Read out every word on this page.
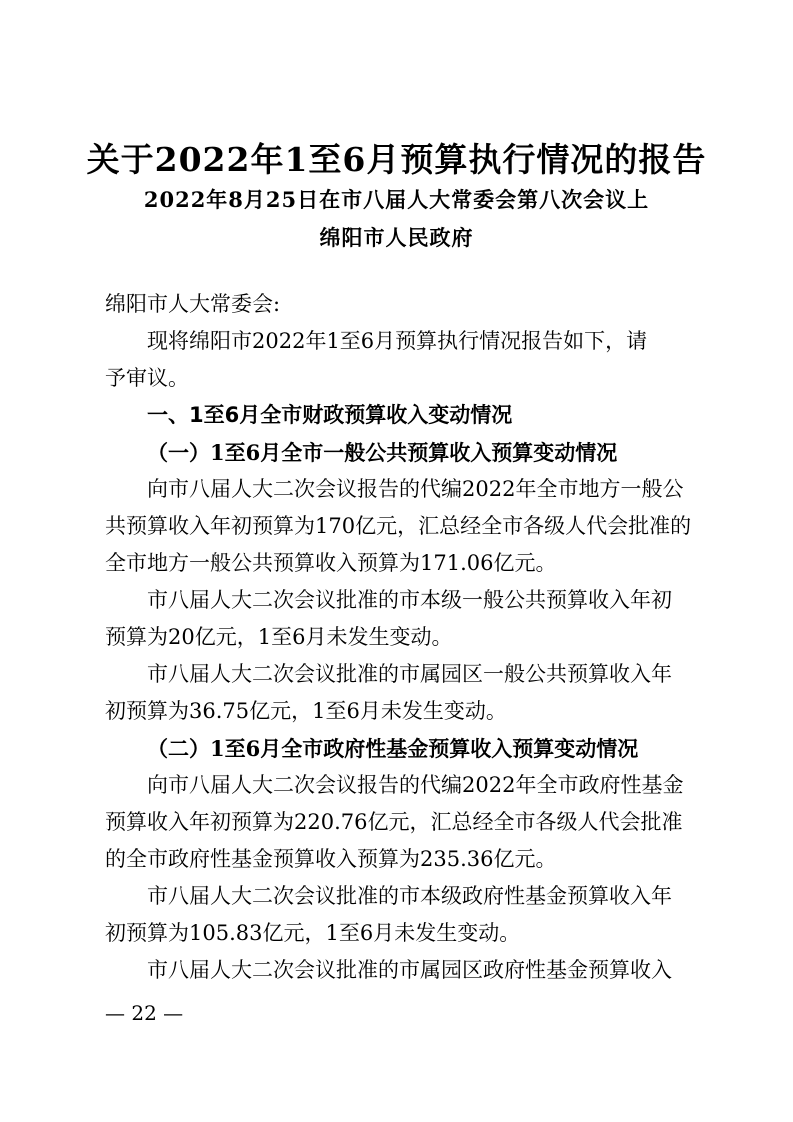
关于2022年1至6月预算执行情况的报告
2022年8月25日在市八届人大常委会第八次会议上
绵阳市人民政府
绵阳市人大常委会:
现将绵阳市2022年1至6月预算执行情况报告如下，请
予审议。
一、1至6月全市财政预算收入变动情况
（一）1至6月全市一般公共预算收入预算变动情况
向市八届人大二次会议报告的代编2022年全市地方一般公
共预算收入年初预算为170亿元，汇总经全市各级人代会批准的
全市地方一般公共预算收入预算为171.06亿元。
市八届人大二次会议批准的市本级一般公共预算收入年初
预算为20亿元，1至6月未发生变动。
市八届人大二次会议批准的市属园区一般公共预算收入年
初预算为36.75亿元，1至6月未发生变动。
（二）1至6月全市政府性基金预算收入预算变动情况
向市八届人大二次会议报告的代编2022年全市政府性基金
预算收入年初预算为220.76亿元，汇总经全市各级人代会批准
的全市政府性基金预算收入预算为235.36亿元。
市八届人大二次会议批准的市本级政府性基金预算收入年
初预算为105.83亿元，1至6月未发生变动。
市八届人大二次会议批准的市属园区政府性基金预算收入
— 22 —
